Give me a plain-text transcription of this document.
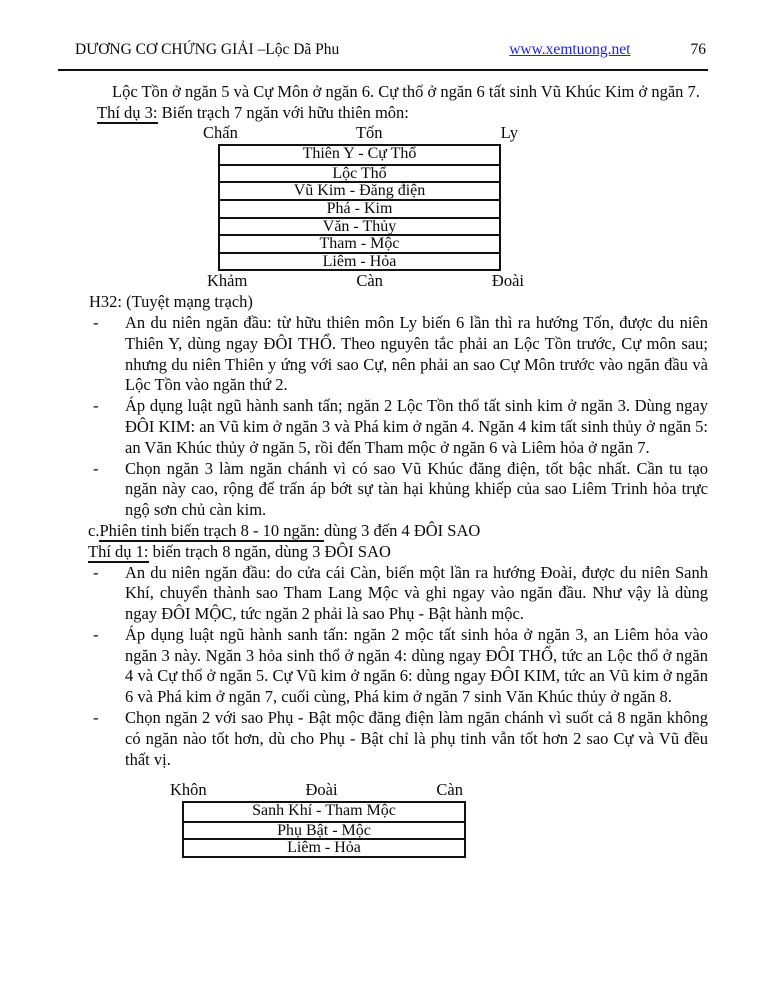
DƯƠNG CƠ CHỨNG GIẢI –Lộc Dã Phu	www.xemtuong.net	76

Lộc Tồn ở ngăn 5 và Cự Môn ở ngăn 6. Cự thổ ở ngăn 6 tất sinh Vũ Khúc Kim ở ngăn 7.

Thí dụ 3: Biến trạch 7 ngăn với hữu thiên môn:
Chấn	Tốn	Ly
Thiên Y - Cự Thổ
Lộc Thổ
Vũ Kim - Đăng điện
Phá - Kim
Văn - Thủy
Tham - Mộc
Liêm - Hỏa
Khảm	Càn	Đoài
H32: (Tuyệt mạng trạch)
- An du niên ngăn đầu: từ hữu thiên môn Ly biến 6 lần thì ra hướng Tốn, được du niên Thiên Y, dùng ngay ĐÔI THỔ. Theo nguyên tắc phải an Lộc Tồn trước, Cự môn sau; nhưng du niên Thiên y ứng với sao Cự, nên phải an sao Cự Môn trước vào ngăn đầu và Lộc Tồn vào ngăn thứ 2.
- Áp dụng luật ngũ hành sanh tấn; ngăn 2 Lộc Tồn thổ tất sinh kim ở ngăn 3. Dùng ngay ĐÔI KIM: an Vũ kim ở ngăn 3 và Phá kim ở ngăn 4. Ngăn 4 kim tất sinh thủy ở ngăn 5: an Văn Khúc thủy ở ngăn 5, rồi đến Tham mộc ở ngăn 6 và Liêm hỏa ở ngăn 7.
- Chọn ngăn 3 làm ngăn chánh vì có sao Vũ Khúc đăng điện, tốt bậc nhất. Cần tu tạo ngăn này cao, rộng để trấn áp bớt sự tàn hại khủng khiếp của sao Liêm Trinh hỏa trực ngộ sơn chủ càn kim.
c.Phiên tinh biến trạch 8 - 10 ngăn: dùng 3 đến 4 ĐÔI SAO
Thí dụ 1: biến trạch 8 ngăn, dùng 3 ĐÔI SAO
- An du niên ngăn đầu: do cửa cái Càn, biến một lần ra hướng Đoài, được du niên Sanh Khí, chuyển thành sao Tham Lang Mộc và ghi ngay vào ngăn đầu. Như vậy là dùng ngay ĐÔI MỘC, tức ngăn 2 phải là sao Phụ - Bật hành mộc.
- Áp dụng luật ngũ hành sanh tấn: ngăn 2 mộc tất sinh hỏa ở ngăn 3, an Liêm hỏa vào ngăn 3 này. Ngăn 3 hỏa sinh thổ ở ngăn 4: dùng ngay ĐÔI THỔ, tức an Lộc thổ ở ngăn 4 và Cự thổ ở ngăn 5. Cự Vũ kim ở ngăn 6: dùng ngay ĐÔI KIM, tức an Vũ kim ở ngăn 6 và Phá kim ở ngăn 7, cuối cùng, Phá kim ở ngăn 7 sinh Văn Khúc thủy ở ngăn 8.
- Chọn ngăn 2 với sao Phụ - Bật mộc đăng điện làm ngăn chánh vì suốt cả 8 ngăn không có ngăn nào tốt hơn, dù cho Phụ - Bật chỉ là phụ tinh vẫn tốt hơn 2 sao Cự và Vũ đều thất vị.
Khôn	Đoài	Càn
Sanh Khí - Tham Mộc
Phụ Bật - Mộc
Liêm - Hỏa
